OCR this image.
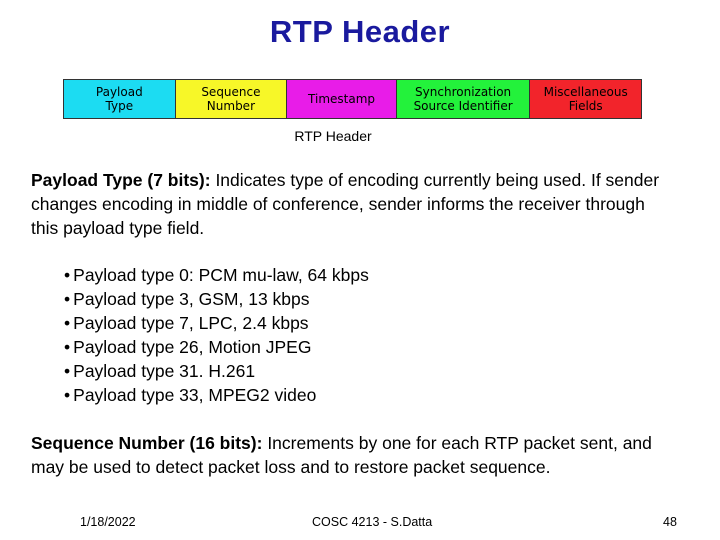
RTP Header
Payload
Type
Sequence
Number	Timestamp	Synchronization
Source Identifier
Miscellaneous
Fields
RTP Header
Payload Type (7 bits): Indicates type of encoding currently being used. If sender changes encoding in middle of conference, sender informs the receiver through this payload type field.
• Payload type 0: PCM mu-law, 64 kbps
• Payload type 3, GSM, 13 kbps
• Payload type 7, LPC, 2.4 kbps
• Payload type 26, Motion JPEG
• Payload type 31. H.261
• Payload type 33, MPEG2 video
Sequence Number (16 bits): Increments by one for each RTP packet sent, and may be used to detect packet loss and to restore packet sequence.
1/18/2022	COSC 4213 - S.Datta	48
